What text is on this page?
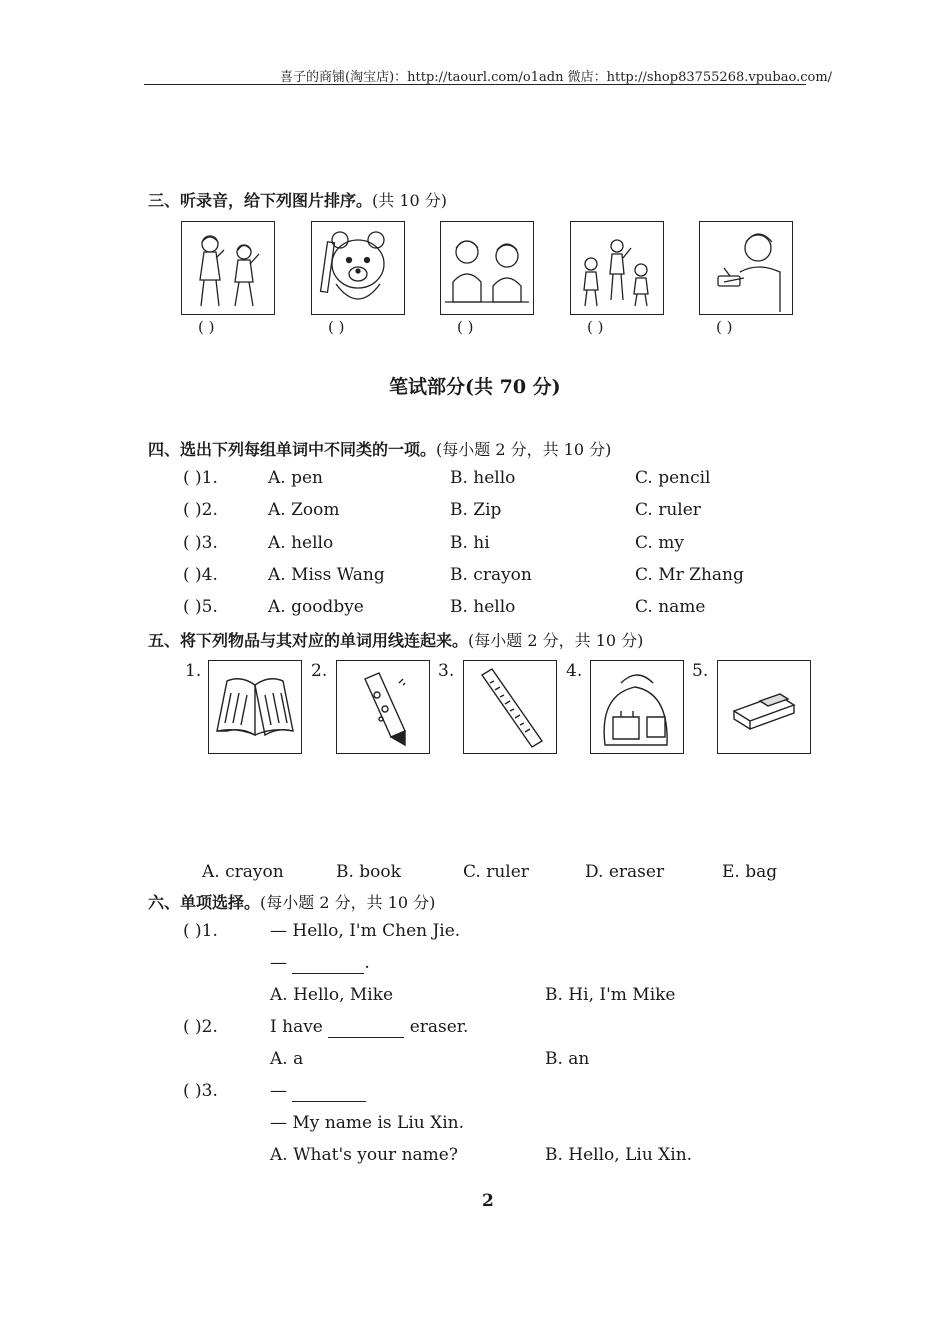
喜子的商铺(淘宝店)：http://taourl.com/o1adn 微店：http://shop83755268.vpubao.com/
三、听录音，给下列图片排序。(共 10 分)
( )	( )	( )	( )	( )
笔试部分(共 70 分)
四、选出下列每组单词中不同类的一项。(每小题 2 分，共 10 分)
( )1.	A. pen	B. hello	C. pencil
( )2.	A. Zoom	B. Zip	C. ruler
( )3.	A. hello	B. hi	C. my
( )4.	A. Miss Wang	B. crayon	C. Mr Zhang
( )5.	A. goodbye	B. hello	C. name
五、将下列物品与其对应的单词用线连起来。(每小题 2 分，共 10 分)
1.	2.	3.	4.	5.
A. crayon	B. book	C. ruler	D. eraser	E. bag
六、单项选择。(每小题 2 分，共 10 分)
( )1.	— Hello, I'm Chen Jie.
—	.
A. Hello, Mike	B. Hi, I'm Mike
( )2.	I have	eraser.
A. a	B. an
( )3.	—
— My name is Liu Xin.
A. What's your name?	B. Hello, Liu Xin.
2
